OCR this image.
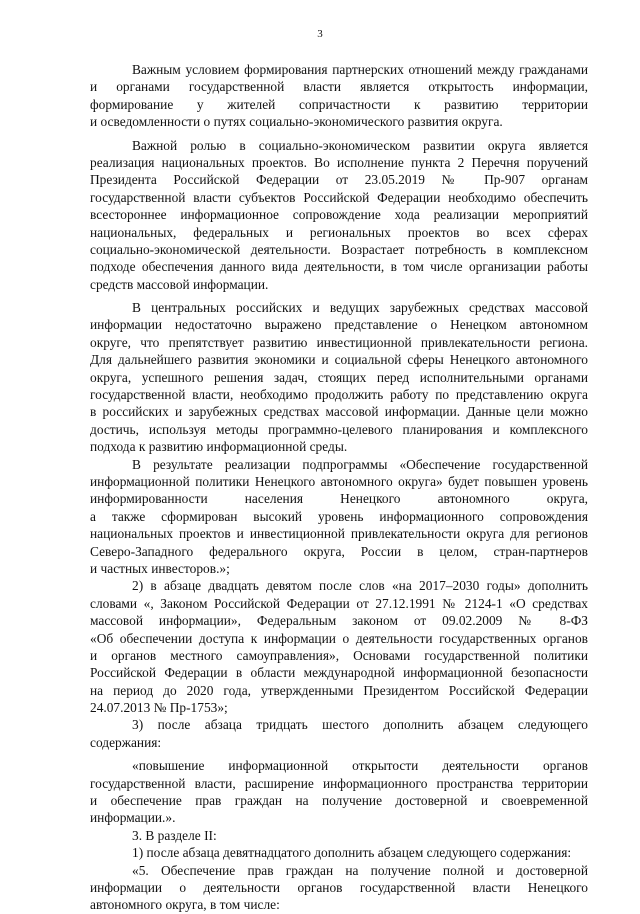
3
Важным условием формирования партнерских отношений между гражданами
и органами государственной власти является открытость информации,
формирование у жителей сопричастности к развитию территории
и осведомленности о путях социально-экономического развития округа.
Важной ролью в социально-экономическом развитии округа является
реализация национальных проектов. Во исполнение пункта 2 Перечня поручений
Президента Российской Федерации от 23.05.2019 № Пр-907 органам
государственной власти субъектов Российской Федерации необходимо обеспечить
всестороннее информационное сопровождение хода реализации мероприятий
национальных, федеральных и региональных проектов во всех сферах
социально-экономической деятельности. Возрастает потребность в комплексном
подходе обеспечения данного вида деятельности, в том числе организации работы
средств массовой информации.
В центральных российских и ведущих зарубежных средствах массовой
информации недостаточно выражено представление о Ненецком автономном
округе, что препятствует развитию инвестиционной привлекательности региона.
Для дальнейшего развития экономики и социальной сферы Ненецкого автономного
округа, успешного решения задач, стоящих перед исполнительными органами
государственной власти, необходимо продолжить работу по представлению округа
в российских и зарубежных средствах массовой информации. Данные цели можно
достичь, используя методы программно-целевого планирования и комплексного
подхода к развитию информационной среды.
В результате реализации подпрограммы «Обеспечение государственной
информационной политики Ненецкого автономного округа» будет повышен уровень
информированности населения Ненецкого автономного округа,
а также сформирован высокий уровень информационного сопровождения
национальных проектов и инвестиционной привлекательности округа для регионов
Северо-Западного федерального округа, России в целом, стран-партнеров
и частных инвесторов.»;
2) в абзаце двадцать девятом после слов «на 2017–2030 годы» дополнить
словами «, Законом Российской Федерации от 27.12.1991 № 2124-1 «О средствах
массовой информации», Федеральным законом от 09.02.2009 № 8-ФЗ
«Об обеспечении доступа к информации о деятельности государственных органов
и органов местного самоуправления», Основами государственной политики
Российской Федерации в области международной информационной безопасности
на период до 2020 года, утвержденными Президентом Российской Федерации
24.07.2013 № Пр-1753»;
3) после абзаца тридцать шестого дополнить абзацем следующего
содержания:
«повышение информационной открытости деятельности органов
государственной власти, расширение информационного пространства территории
и обеспечение прав граждан на получение достоверной и своевременной
информации.».
3. В разделе II:
1) после абзаца девятнадцатого дополнить абзацем следующего содержания:
«5. Обеспечение прав граждан на получение полной и достоверной
информации о деятельности органов государственной власти Ненецкого
автономного округа, в том числе:
